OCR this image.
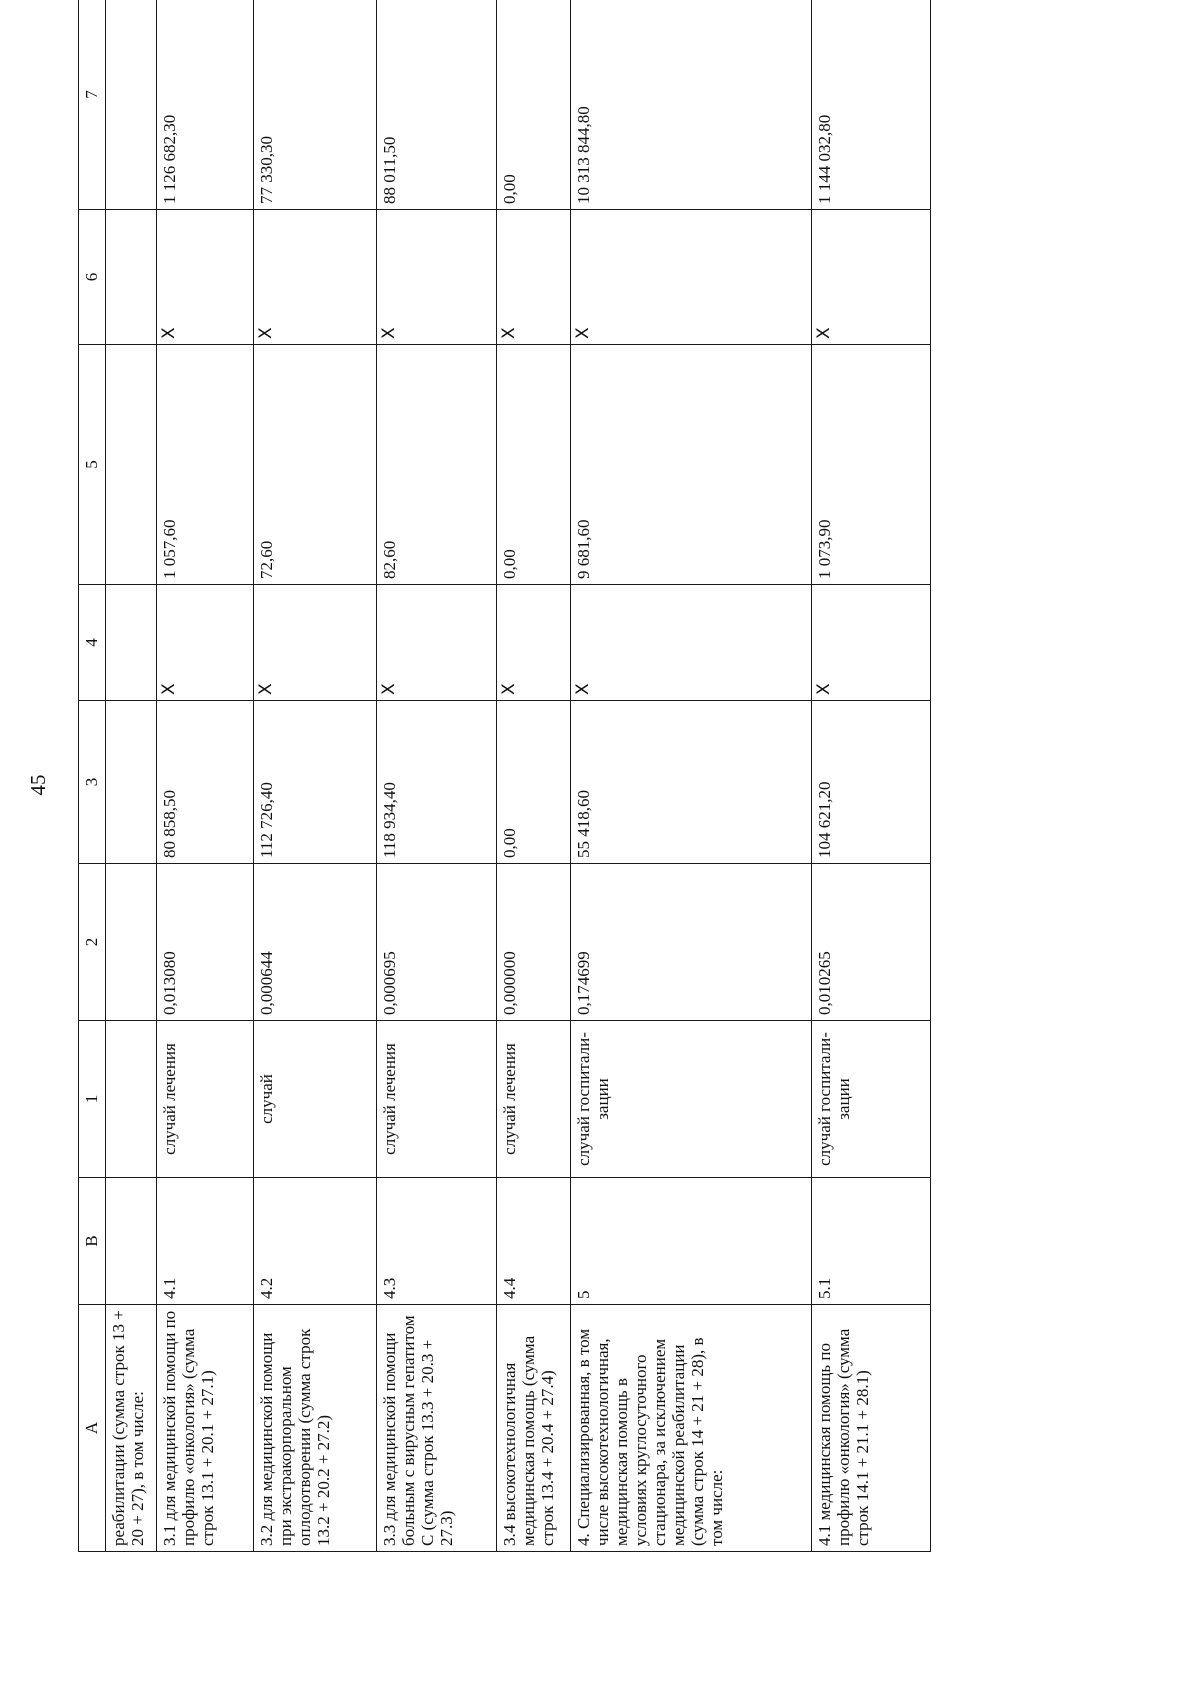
45
А	В	1	2	3	4	5	6	7	
реабилитации (сумма строк 13 + 20 + 27), в том числе:									
3.1 для медицинской помощи по профилю «онкология» (сумма строк 13.1 + 20.1 + 27.1)	4.1	случай лечения	0,013080	80 858,50	Х	1 057,60	Х	1 126 682,30	
3.2 для медицинской помощи при экстракорпоральном оплодотворении (сумма строк 13.2 + 20.2 + 27.2)	4.2	случай	0,000644	112 726,40	Х	72,60	Х	77 330,30	
3.3 для медицинской помощи больным с вирусным гепатитом С (сумма строк 13.3 + 20.3 + 27.3)	4.3	случай лечения	0,000695	118 934,40	Х	82,60	Х	88 011,50	
3.4 высокотехнологичная медицинская помощь (сумма строк 13.4 + 20.4 + 27.4)	4.4	случай лечения	0,000000	0,00	Х	0,00	Х	0,00	
4. Специализированная, в том числе высокотехнологичная, медицинская помощь в условиях круглосуточного стационара, за исключением медицинской реабилитации (сумма строк 14 + 21 + 28), в том числе:	5	случай госпитали-зации	0,174699	55 418,60	Х	9 681,60	Х	10 313 844,80	
4.1 медицинская помощь по профилю «онкология» (сумма строк 14.1 + 21.1 + 28.1)	5.1	случай госпитали-зации	0,010265	104 621,20	Х	1 073,90	Х	1 144 032,80	
